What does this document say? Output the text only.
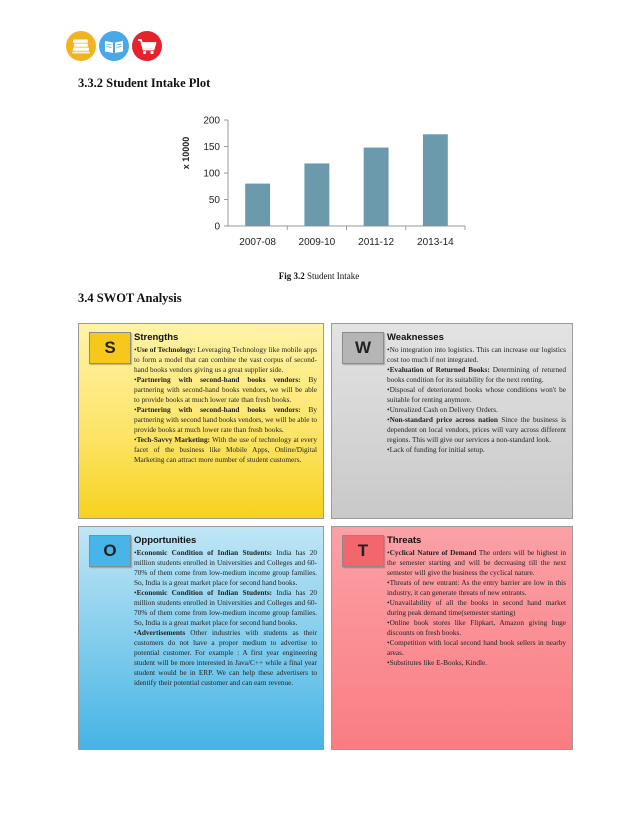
3.3.2 Student Intake Plot
0
50
100
150
200
x 10000
2007-08 2009-10 2011-12 2013-14
Fig 3.2 Student Intake
3.4 SWOT Analysis
S
Strengths

•Use of Technology: Leveraging Technology like mobile apps to form a model that can combine the vast corpus of second-hand books vendors giving us a great supplier side.

•Partnering with second-hand books vendors: By partnering with second-hand books vendors, we will be able to provide books at much lower rate than fresh books.

•Partnering with second-hand books vendors: By partnering with second hand books vendors, we will be able to provide books at much lower rate than fresh books.

•Tech-Savvy Marketing: With the use of technology at every facet of the business like Mobile Apps, Online/Digital Marketing can attract more number of student customers.

W
Weaknesses

•No integration into logistics. This can increase our logistics cost too much if not integrated.

•Evaluation of Returned Books: Determining of returned books condition for its suitability for the next renting.

•Disposal of deteriorated books whose conditions won't be suitable for renting anymore.

•Unrealized Cash on Delivery Orders.

•Non-standard price across nation Since the business is dependent on local vendors, prices will vary across different regions. This will give our services a non-standard look.

•Lack of funding for initial setup.

O
Opportunities

•Economic Condition of Indian Students: India has 20 million students enrolled in Universities and Colleges and 60-70% of them come from low-medium income group families. So, India is a great market place for second hand books.

•Economic Condition of Indian Students: India has 20 million students enrolled in Universities and Colleges and 60-70% of them come from low-medium income group families. So, India is a great market place for second hand books.

•Advertisements Other industries with students as their customers do not have a proper medium to advertise to potential customer. For example : A first year engineering student will be more interested in Java/C++ while a final year student would be in ERP. We can help these advertisers to identify their potential customer and can earn revenue.

T
Threats

•Cyclical Nature of Demand The orders will be highest in the semester starting and will be decreasing till the next semester will give the business the cyclical nature.

•Threats of new entrant: As the entry barrier are low in this industry, it can generate threats of new entrants.

•Unavailability of all the books in second hand market during peak demand time(semester starting)

•Online book stores like Flipkart, Amazon giving huge discounts on fresh books.

•Competition with local second hand book sellers in nearby areas.

•Substitutes like E-Books, Kindle.
